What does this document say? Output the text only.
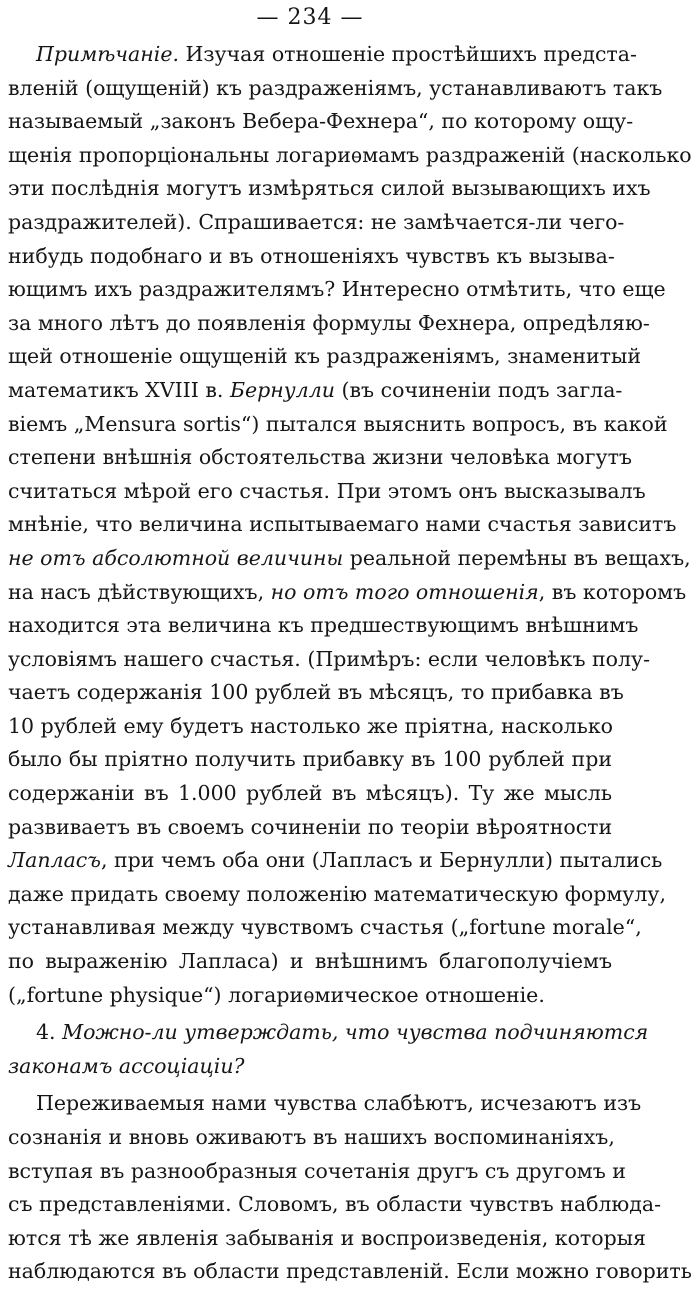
— 234 —
Примѣчаніе. Изучая отношеніе простѣйшихъ предста-
вленій (ощущеній) къ раздраженіямъ, устанавливаютъ такъ
называемый „законъ Вебера-Фехнера“, по которому ощу-
щенія пропорціональны логариѳмамъ раздраженій (насколько
эти послѣднія могутъ измѣряться силой вызывающихъ ихъ
раздражителей). Спрашивается: не замѣчается-ли чего-
нибудь подобнаго и въ отношеніяхъ чувствъ къ вызыва-
ющимъ ихъ раздражителямъ? Интересно отмѣтить, что еще
за много лѣтъ до появленія формулы Фехнера, опредѣляю-
щей отношеніе ощущеній къ раздраженіямъ, знаменитый
математикъ XVIII в. Бернулли (въ сочиненіи подъ загла-
віемъ „Mensura sortis“) пытался выяснить вопросъ, въ какой
степени внѣшнія обстоятельства жизни человѣка могутъ
считаться мѣрой его счастья. При этомъ онъ высказывалъ
мнѣніе, что величина испытываемаго нами счастья зависитъ
не отъ абсолютной величины реальной перемѣны въ вещахъ,
на насъ дѣйствующихъ, но отъ того отношенія, въ которомъ
находится эта величина къ предшествующимъ внѣшнимъ
условіямъ нашего счастья. (Примѣръ: если человѣкъ полу-
чаетъ содержанія 100 рублей въ мѣсяцъ, то прибавка въ
10 рублей ему будетъ настолько же пріятна, насколько
было бы пріятно получить прибавку въ 100 рублей при
содержаніи въ 1.000 рублей въ мѣсяцъ). Ту же мысль
развиваетъ въ своемъ сочиненіи по теоріи вѣроятности
Лапласъ, при чемъ оба они (Лапласъ и Бернулли) пытались
даже придать своему положенію математическую формулу,
устанавливая между чувствомъ счастья („fortune morale“,
по выраженію Лапласа) и внѣшнимъ благополучіемъ
(„fortune physique“) логариѳмическое отношеніе.
4. Можно-ли утверждать, что чувства подчиняются
законамъ ассоціаціи?
Переживаемыя нами чувства слабѣютъ, исчезаютъ изъ
сознанія и вновь оживаютъ въ нашихъ воспоминаніяхъ,
вступая въ разнообразныя сочетанія другъ съ другомъ и
съ представленіями. Словомъ, въ области чувствъ наблюда-
ются тѣ же явленія забыванія и воспроизведенія, которыя
наблюдаются въ области представленій. Если можно говорить
